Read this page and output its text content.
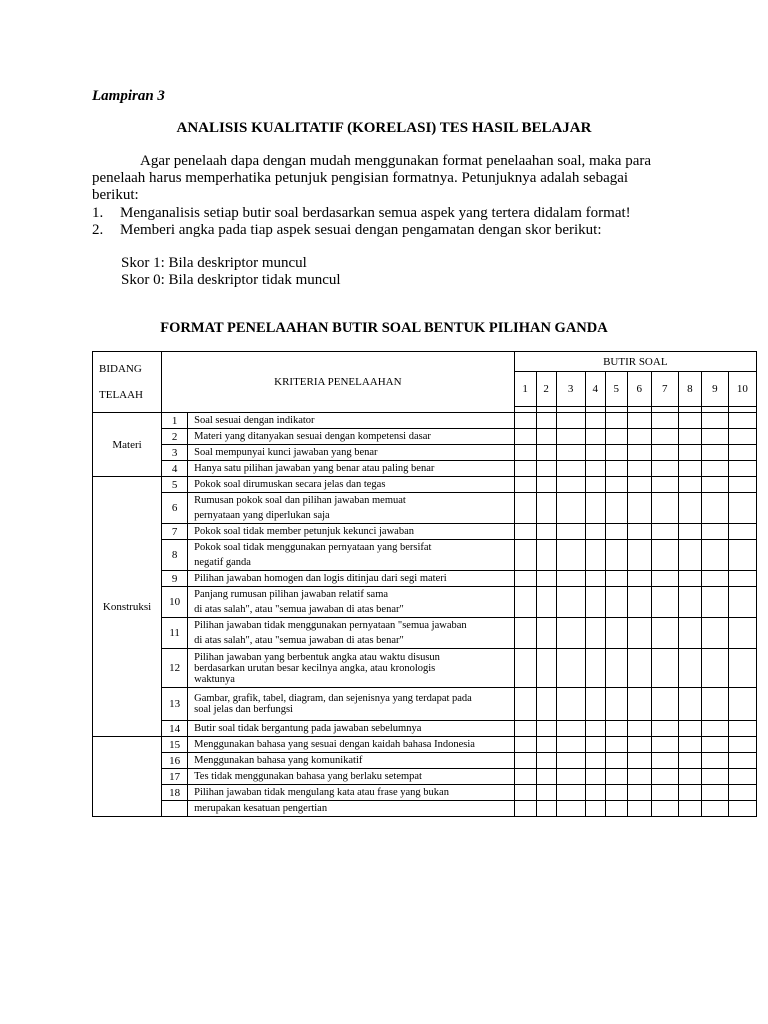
Lampiran 3
ANALISIS KUALITATIF (KORELASI) TES HASIL BELAJAR

Agar penelaah dapa dengan mudah menggunakan format penelaahan soal, maka para penelaah harus memperhatika petunjuk pengisian formatnya. Petunjuknya adalah sebagai berikut:

1. Menganalisis setiap butir soal berdasarkan semua aspek yang tertera didalam format!
2. Memberi angka pada tiap aspek sesuai dengan pengamatan dengan skor berikut:
Skor 1: Bila deskriptor muncul
Skor 0: Bila deskriptor tidak muncul
FORMAT PENELAAHAN BUTIR SOAL BENTUK PILIHAN GANDA
BIDANG
TELAAH	KRITERIA PENELAAHAN		BUTIR SOAL									
			1	2	3	4	5	6	7	8	9	10

Materi	1	Soal sesuai dengan indikator										

	2	Materi yang ditanyakan sesuai dengan kompetensi dasar										

	3	Soal mempunyai kunci jawaban yang benar										

	4	Hanya satu pilihan jawaban yang benar atau paling benar										

Konstruksi	5	Pokok soal dirumuskan secara jelas dan tegas										

	6	Rumusan pokok soal dan pilihan jawaban memuat
pernyataan yang diperlukan saja										

	7	Pokok soal tidak member petunjuk kekunci jawaban										

	8	Pokok soal tidak menggunakan pernyataan yang bersifat
negatif ganda										

	9	Pilihan jawaban homogen dan logis ditinjau dari segi materi										

	10	Panjang rumusan pilihan jawaban relatif sama
di atas salah", atau "semua jawaban di atas benar"										

	11	Pilihan jawaban tidak menggunakan pernyataan "semua jawaban
di atas salah", atau "semua jawaban di atas benar"										

	12	Pilihan jawaban yang berbentuk angka atau waktu disusun
berdasarkan urutan besar kecilnya angka, atau kronologis
waktunya										

	13	Gambar, grafik, tabel, diagram, dan sejenisnya yang terdapat pada
soal jelas dan berfungsi										

	14	Butir soal tidak bergantung pada jawaban sebelumnya										

	15	Menggunakan bahasa yang sesuai dengan kaidah bahasa Indonesia										

	16	Menggunakan bahasa yang komunikatif										

	17	Tes tidak menggunakan bahasa yang berlaku setempat										

	18	Pilihan jawaban tidak mengulang kata atau frase yang bukan										

		merupakan kesatuan pengertian										
